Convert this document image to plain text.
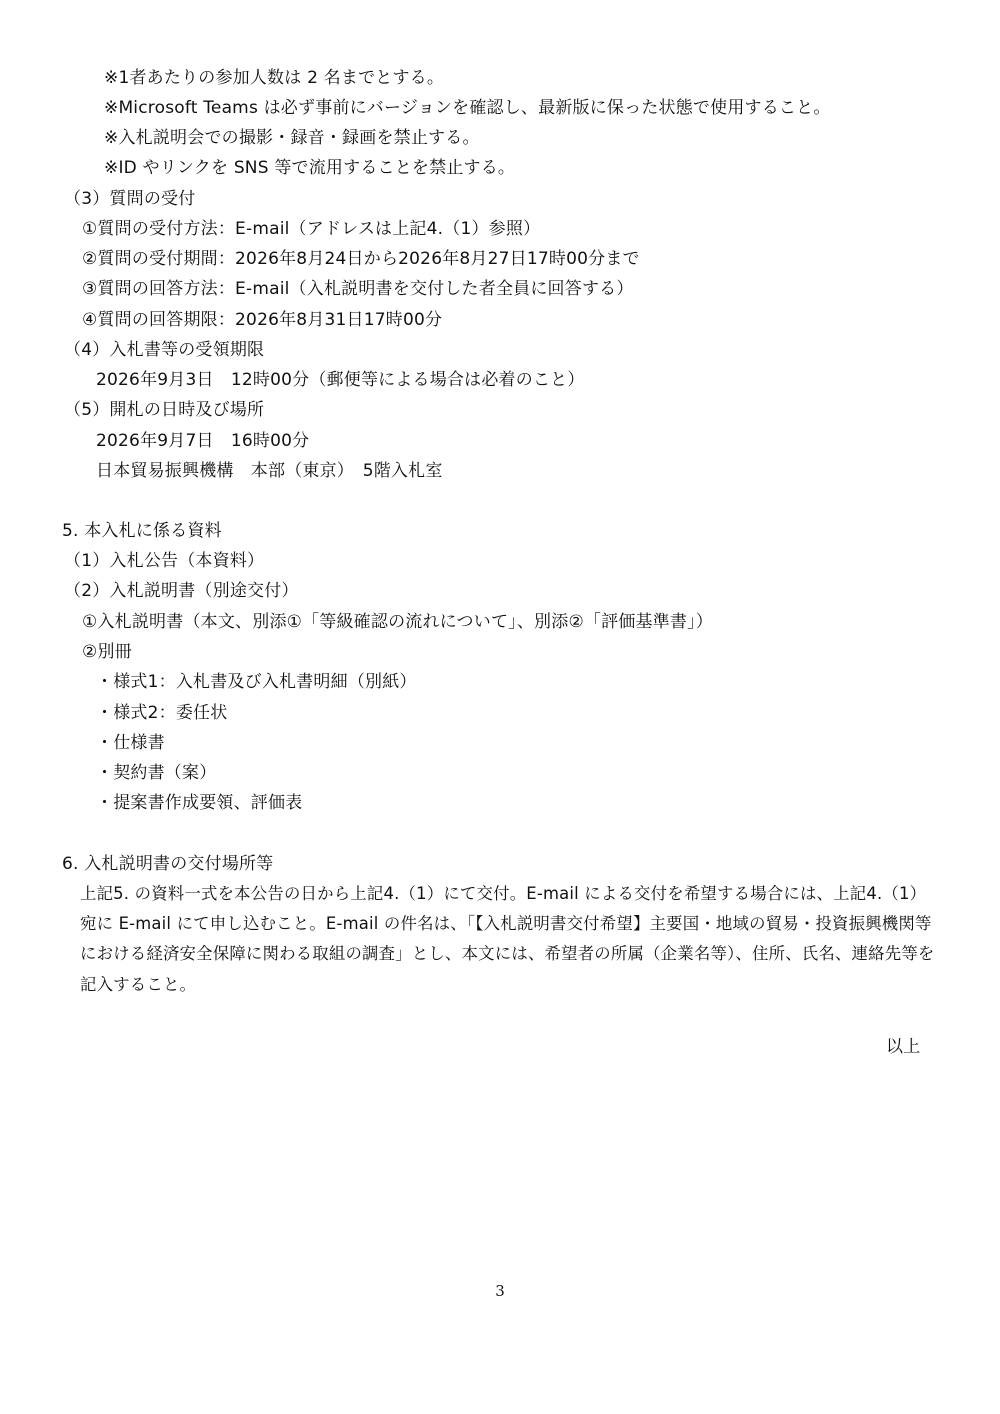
※1者あたりの参加人数は 2 名までとする。
※Microsoft Teams は必ず事前にバージョンを確認し、最新版に保った状態で使用すること。
※入札説明会での撮影・録音・録画を禁止する。
※ID やリンクを SNS 等で流用することを禁止する。
（3）質問の受付
①質問の受付方法：E-mail（アドレスは上記4.（1）参照）
②質問の受付期間：2026年8月24日から2026年8月27日17時00分まで
③質問の回答方法：E-mail（入札説明書を交付した者全員に回答する）
④質問の回答期限：2026年8月31日17時00分
（4）入札書等の受領期限
2026年9月3日　12時00分（郵便等による場合は必着のこと）
（5）開札の日時及び場所
2026年9月7日　16時00分
日本貿易振興機構　本部（東京）　5階入札室
5. 本入札に係る資料
（1）入札公告（本資料）
（2）入札説明書（別途交付）
①入札説明書（本文、別添①「等級確認の流れについて」、別添②「評価基準書」）
②別冊
・様式1：入札書及び入札書明細（別紙）
・様式2：委任状
・仕様書
・契約書（案）
・提案書作成要領、評価表
6. 入札説明書の交付場所等
上記5. の資料一式を本公告の日から上記4.（1）にて交付。E-mail による交付を希望する場合には、上記4.（1）
宛に E-mail にて申し込むこと。E-mail の件名は、「【入札説明書交付希望】主要国・地域の貿易・投資振興機関等
における経済安全保障に関わる取組の調査」とし、本文には、希望者の所属（企業名等）、住所、氏名、連絡先等を
記入すること。
以上
3
